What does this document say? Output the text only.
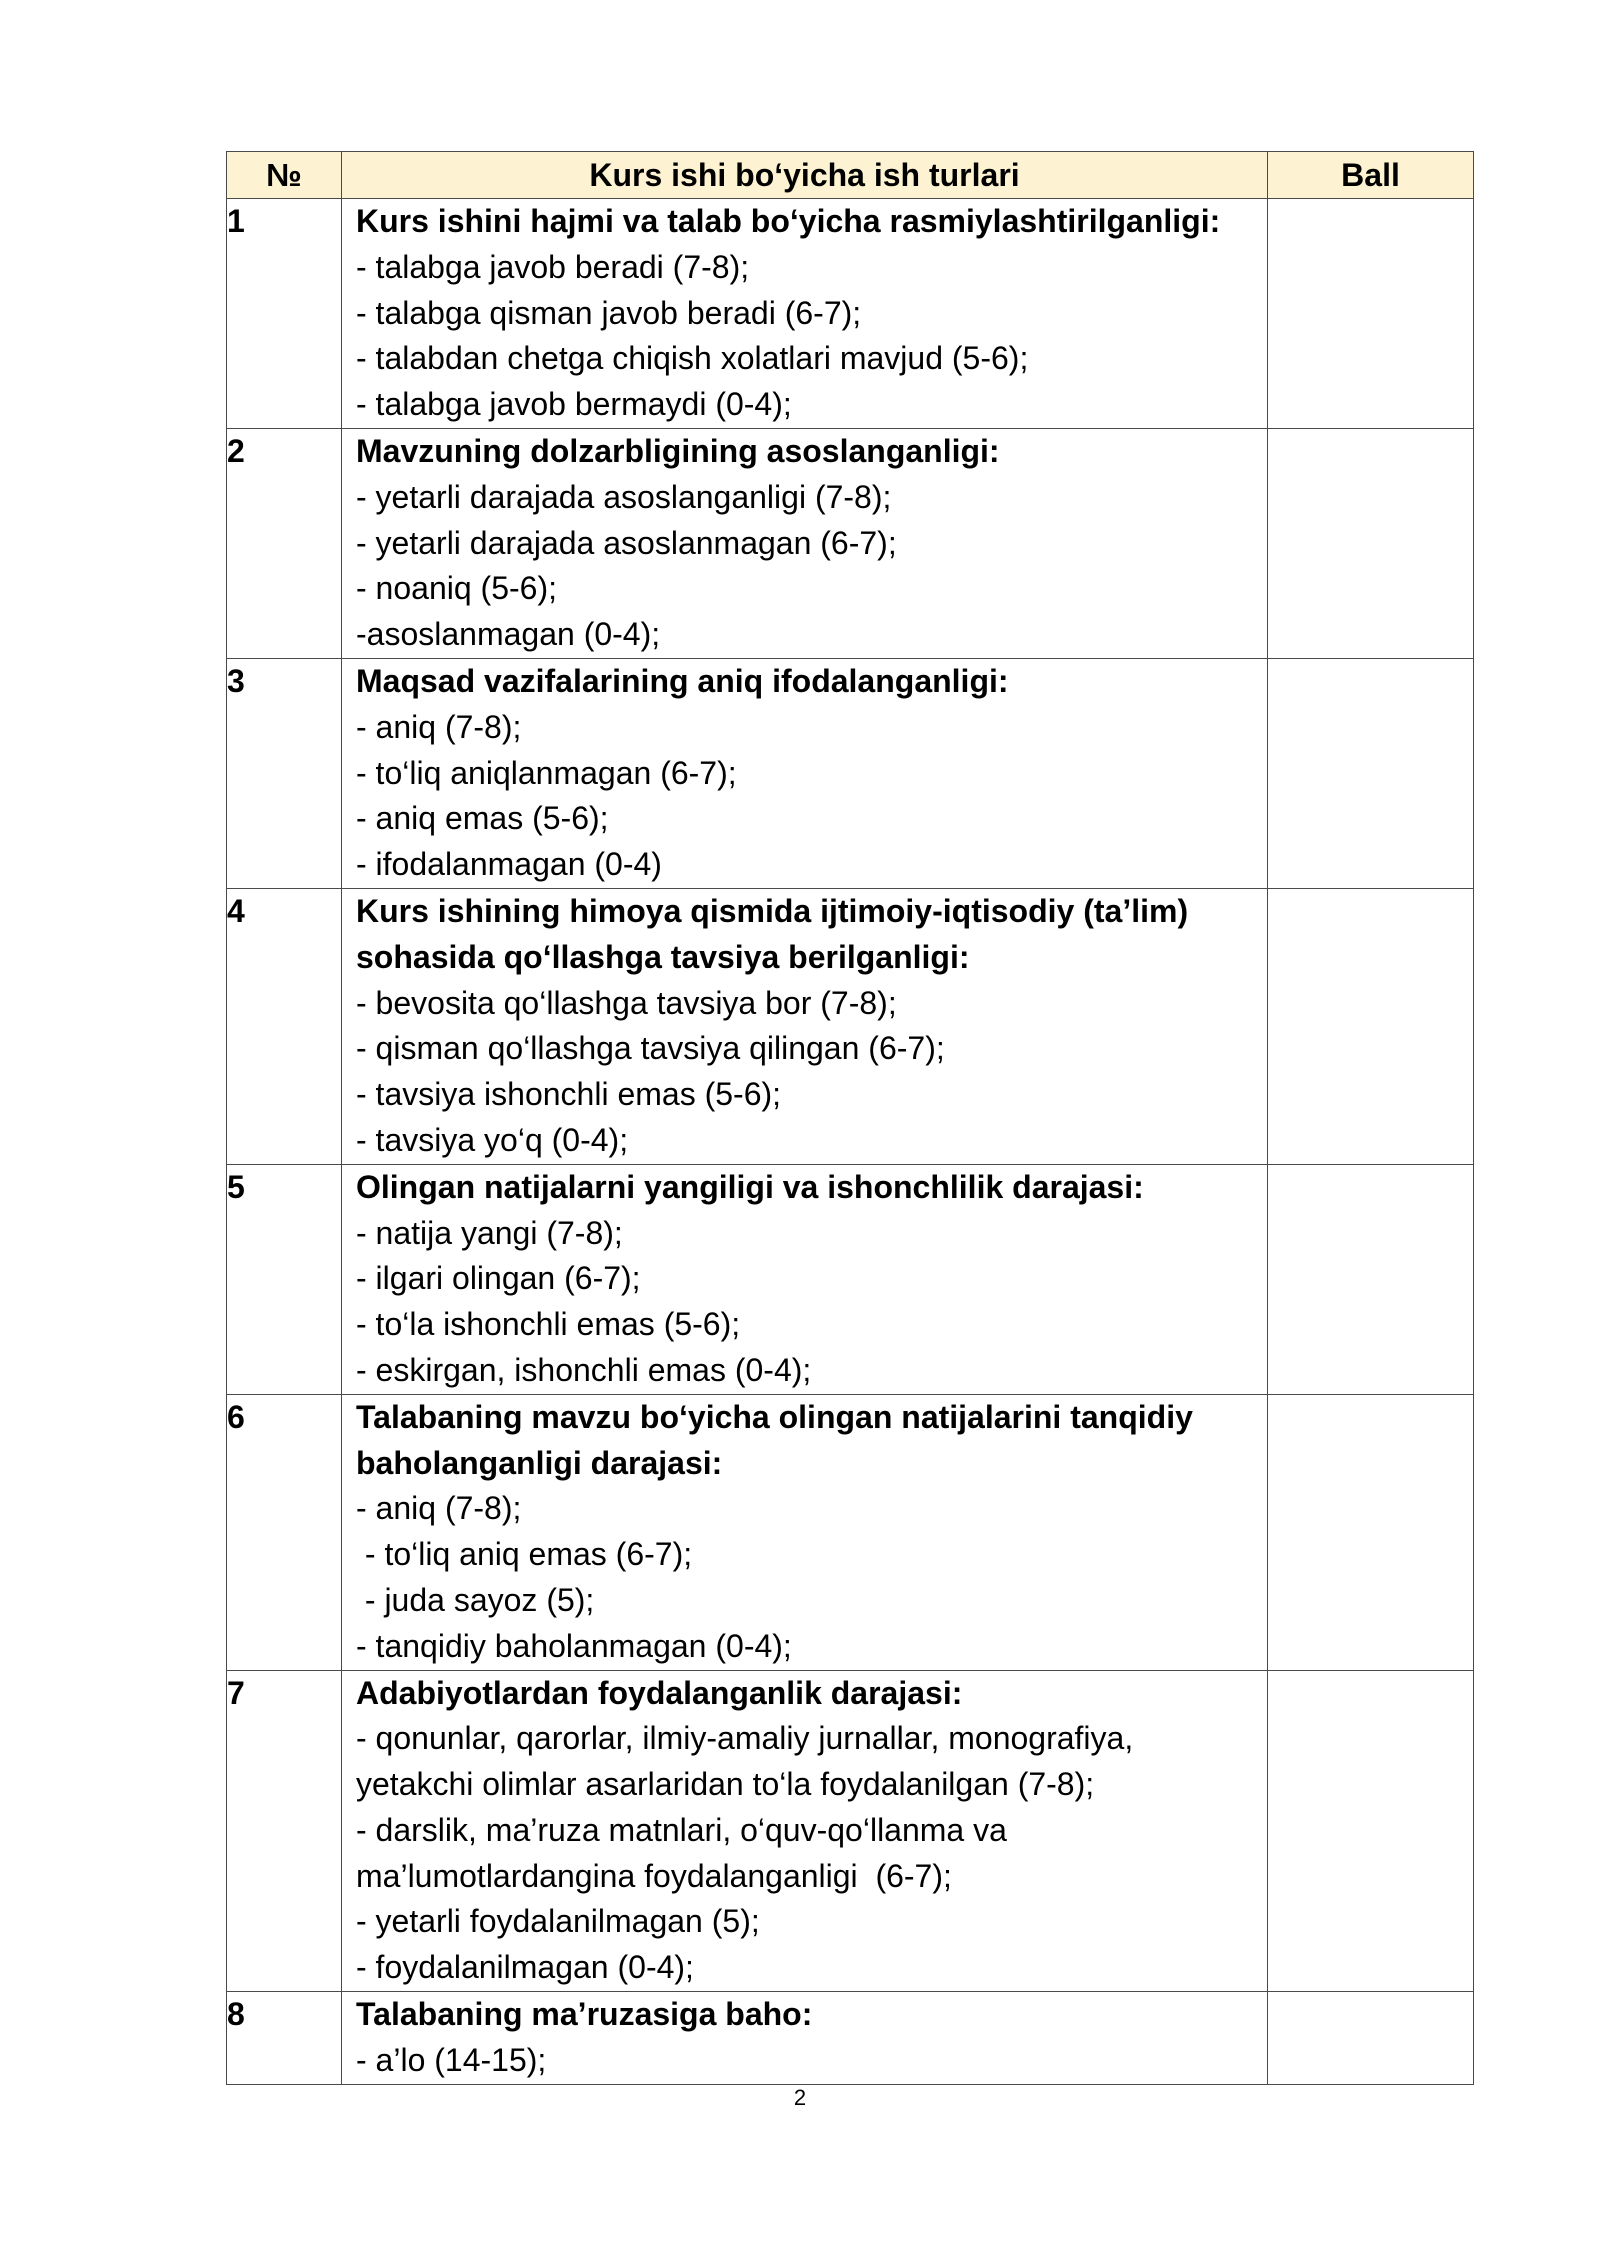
№	Kurs ishi bo‘yicha ish turlari	Ball
1	Kurs ishini hajmi va talab bo‘yicha rasmiylashtirilganligi:
- talabga javob beradi (7-8);
- talabga qisman javob beradi (6-7);
- talabdan chetga chiqish xolatlari mavjud (5-6);
- talabga javob bermaydi (0-4);	

2	Mavzuning dolzarbligining asoslanganligi:
- yetarli darajada asoslanganligi (7-8);
- yetarli darajada asoslanmagan (6-7);
- noaniq (5-6);
-asoslanmagan (0-4);	

3	Maqsad vazifalarining aniq ifodalanganligi:
- aniq (7-8);
- to‘liq aniqlanmagan (6-7);
- aniq emas (5-6);
- ifodalanmagan (0-4)	

4	Kurs ishining himoya qismida ijtimoiy-iqtisodiy (ta’lim) sohasida qo‘llashga tavsiya berilganligi:
- bevosita qo‘llashga tavsiya bor (7-8);
- qisman qo‘llashga tavsiya qilingan (6-7);
- tavsiya ishonchli emas (5-6);
- tavsiya yo‘q (0-4);	

5	Olingan natijalarni yangiligi va ishonchlilik darajasi:
- natija yangi (7-8);
- ilgari olingan (6-7);
- to‘la ishonchli emas (5-6);
- eskirgan, ishonchli emas (0-4);	

6	Talabaning mavzu bo‘yicha olingan natijalarini tanqidiy baholanganligi darajasi:
- aniq (7-8);
- to‘liq aniq emas (6-7);
- juda sayoz (5);
- tanqidiy baholanmagan (0-4);	

7	Adabiyotlardan foydalanganlik darajasi:
- qonunlar, qarorlar, ilmiy-amaliy jurnallar, monografiya, yetakchi olimlar asarlaridan to‘la foydalanilgan (7-8);
- darslik, ma’ruza matnlari, o‘quv-qo‘llanma va ma’lumotlardangina foydalanganligi  (6-7);
- yetarli foydalanilmagan (5);
- foydalanilmagan (0-4);	

8	Talabaning ma’ruzasiga baho:
- a’lo (14-15);	

2
